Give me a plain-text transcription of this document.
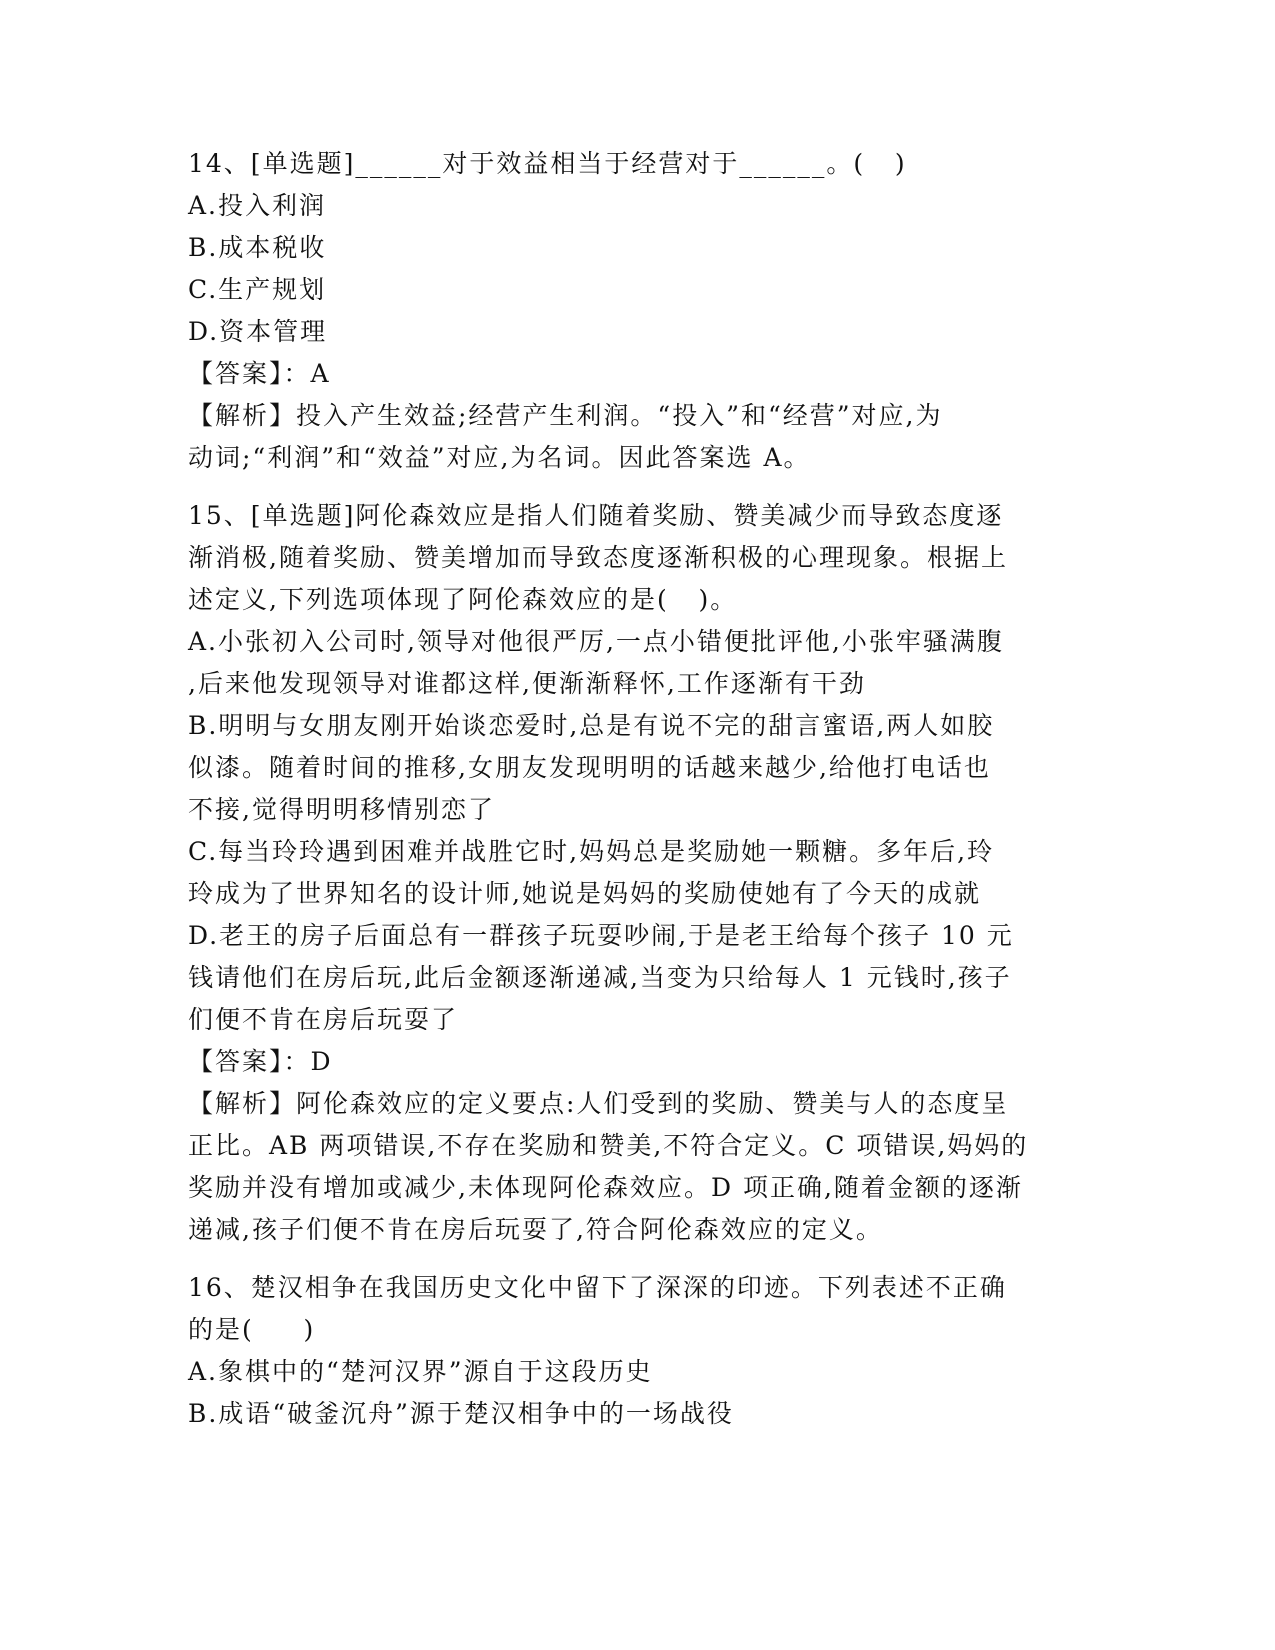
14、[单选题]______对于效益相当于经营对于______。(   )

A.投入利润

B.成本税收

C.生产规划

D.资本管理

【答案】：A

【解析】投入产生效益;经营产生利润。“投入”和“经营”对应,为

动词;“利润”和“效益”对应,为名词。因此答案选 A。

15、[单选题]阿伦森效应是指人们随着奖励、赞美减少而导致态度逐

渐消极,随着奖励、赞美增加而导致态度逐渐积极的心理现象。根据上

述定义,下列选项体现了阿伦森效应的是(   )。

A.小张初入公司时,领导对他很严厉,一点小错便批评他,小张牢骚满腹

,后来他发现领导对谁都这样,便渐渐释怀,工作逐渐有干劲

B.明明与女朋友刚开始谈恋爱时,总是有说不完的甜言蜜语,两人如胶

似漆。随着时间的推移,女朋友发现明明的话越来越少,给他打电话也

不接,觉得明明移情别恋了

C.每当玲玲遇到困难并战胜它时,妈妈总是奖励她一颗糖。多年后,玲

玲成为了世界知名的设计师,她说是妈妈的奖励使她有了今天的成就

D.老王的房子后面总有一群孩子玩耍吵闹,于是老王给每个孩子 10 元

钱请他们在房后玩,此后金额逐渐递减,当变为只给每人 1 元钱时,孩子

们便不肯在房后玩耍了

【答案】：D

【解析】阿伦森效应的定义要点:人们受到的奖励、赞美与人的态度呈

正比。AB 两项错误,不存在奖励和赞美,不符合定义。C 项错误,妈妈的

奖励并没有增加或减少,未体现阿伦森效应。D 项正确,随着金额的逐渐

递减,孩子们便不肯在房后玩耍了,符合阿伦森效应的定义。

16、楚汉相争在我国历史文化中留下了深深的印迹。下列表述不正确

的是(     )

A.象棋中的“楚河汉界”源自于这段历史

B.成语“破釜沉舟”源于楚汉相争中的一场战役
